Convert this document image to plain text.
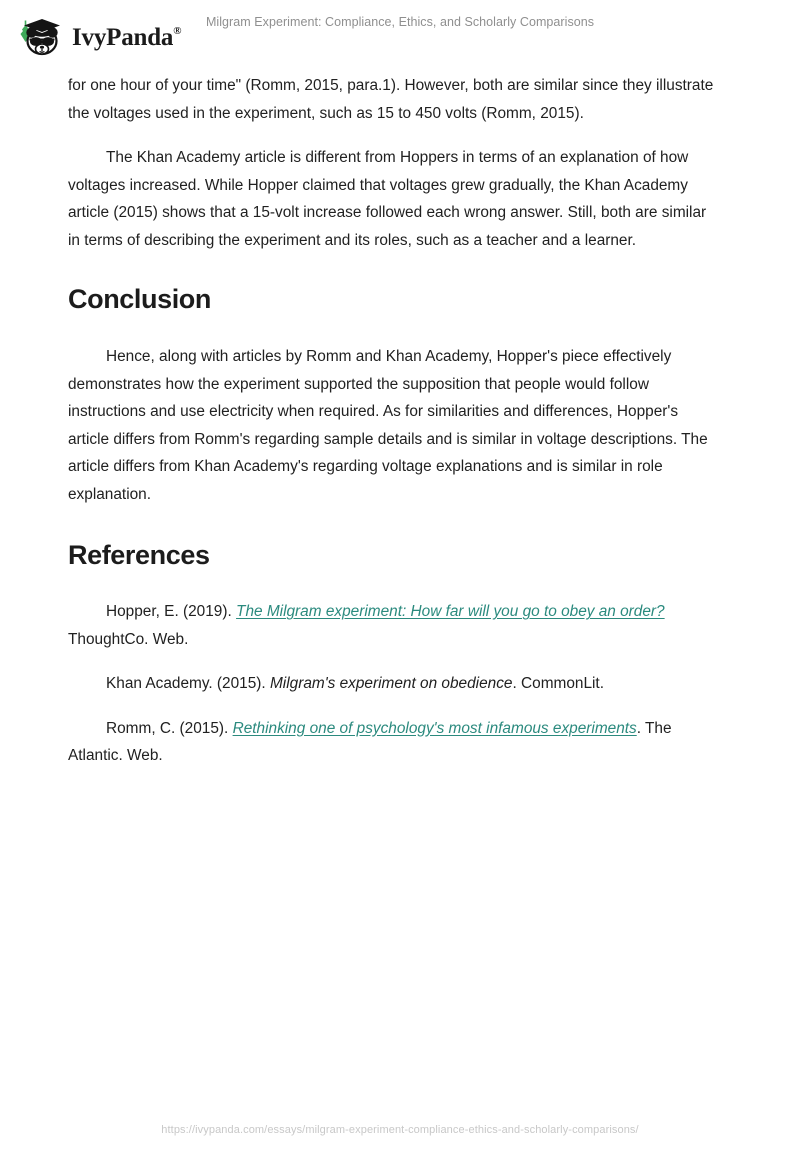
IvyPanda®
Milgram Experiment: Compliance, Ethics, and Scholarly Comparisons

for one hour of your time" (Romm, 2015, para.1). However, both are similar since they illustrate the voltages used in the experiment, such as 15 to 450 volts (Romm, 2015).

The Khan Academy article is different from Hoppers in terms of an explanation of how voltages increased. While Hopper claimed that voltages grew gradually, the Khan Academy article (2015) shows that a 15-volt increase followed each wrong answer. Still, both are similar in terms of describing the experiment and its roles, such as a teacher and a learner.

Conclusion

Hence, along with articles by Romm and Khan Academy, Hopper's piece effectively demonstrates how the experiment supported the supposition that people would follow instructions and use electricity when required. As for similarities and differences, Hopper's article differs from Romm's regarding sample details and is similar in voltage descriptions. The article differs from Khan Academy's regarding voltage explanations and is similar in role explanation.

References

Hopper, E. (2019). The Milgram experiment: How far will you go to obey an order? ThoughtCo. Web.

Khan Academy. (2015). Milgram's experiment on obedience. CommonLit.

Romm, C. (2015). Rethinking one of psychology's most infamous experiments. The Atlantic. Web.

https://ivypanda.com/essays/milgram-experiment-compliance-ethics-and-scholarly-comparisons/
